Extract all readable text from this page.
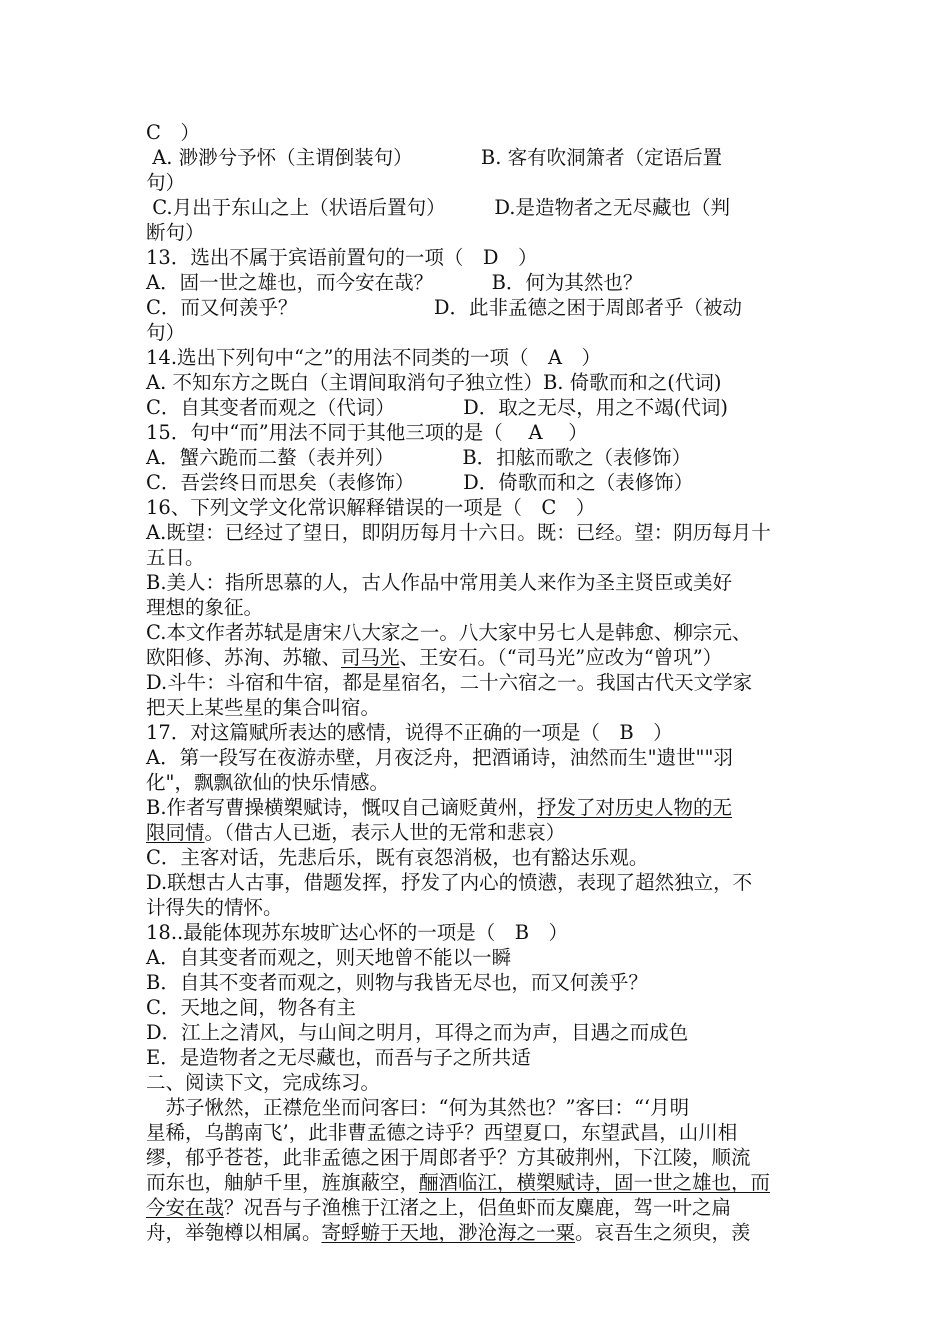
C　）
A. 渺渺兮予怀（主谓倒装句）　　　　B. 客有吹洞箫者（定语后置
句）
C.月出于东山之上（状语后置句）　　　D.是造物者之无尽藏也（判
断句）
13．选出不属于宾语前置句的一项（　D　）
A．固一世之雄也，而今安在哉？　　　B．何为其然也？
C．而又何羡乎？　　　　　　　D．此非孟德之困于周郎者乎（被动
句）
14.选出下列句中“之”的用法不同类的一项（　A　）
A. 不知东方之既白（主谓间取消句子独立性）B. 倚歌而和之(代词)
C．自其变者而观之（代词）　　　　D．取之无尽，用之不竭(代词)
15．句中“而”用法不同于其他三项的是（　 A　 ）
A．蟹六跪而二螯（表并列）　　　　B．扣舷而歌之（表修饰）
C．吾尝终日而思矣（表修饰）　　　D．倚歌而和之（表修饰）
16、下列文学文化常识解释错误的一项是（　C　）
A.既望：已经过了望日，即阴历每月十六日。既：已经。望：阴历每月十
五日。
B.美人：指所思慕的人，古人作品中常用美人来作为圣主贤臣或美好
理想的象征。
C.本文作者苏轼是唐宋八大家之一。八大家中另七人是韩愈、柳宗元、
欧阳修、苏洵、苏辙、司马光、王安石。（“司马光”应改为“曾巩”）
D.斗牛：斗宿和牛宿，都是星宿名，二十六宿之一。我国古代天文学家
把天上某些星的集合叫宿。
17．对这篇赋所表达的感情，说得不正确的一项是（　B　）
A．第一段写在夜游赤壁，月夜泛舟，把酒诵诗，油然而生"遗世""羽
化"，飘飘欲仙的快乐情感。
B.作者写曹操横槊赋诗，慨叹自己谪贬黄州，抒发了对历史人物的无
限同情。（借古人已逝，表示人世的无常和悲哀）
C．主客对话，先悲后乐，既有哀怨消极，也有豁达乐观。
D.联想古人古事，借题发挥，抒发了内心的愤懑，表现了超然独立，不
计得失的情怀。
18..最能体现苏东坡旷达心怀的一项是（　B　）
A．自其变者而观之，则天地曾不能以一瞬
B．自其不变者而观之，则物与我皆无尽也，而又何羡乎？
C．天地之间，物各有主
D．江上之清风，与山间之明月，耳得之而为声，目遇之而成色
E．是造物者之无尽藏也，而吾与子之所共适
二、阅读下文，完成练习。
　苏子愀然，正襟危坐而问客曰：“何为其然也？”客曰：“‘月明
星稀，乌鹊南飞’，此非曹孟德之诗乎？西望夏口，东望武昌，山川相
缪，郁乎苍苍，此非孟德之困于周郎者乎？方其破荆州，下江陵，顺流
而东也，舳舻千里，旌旗蔽空，酾酒临江，横槊赋诗，固一世之雄也，而
今安在哉？况吾与子渔樵于江渚之上，侣鱼虾而友麋鹿，驾一叶之扁
舟，举匏樽以相属。寄蜉蝣于天地，渺沧海之一粟。哀吾生之须臾，羡
